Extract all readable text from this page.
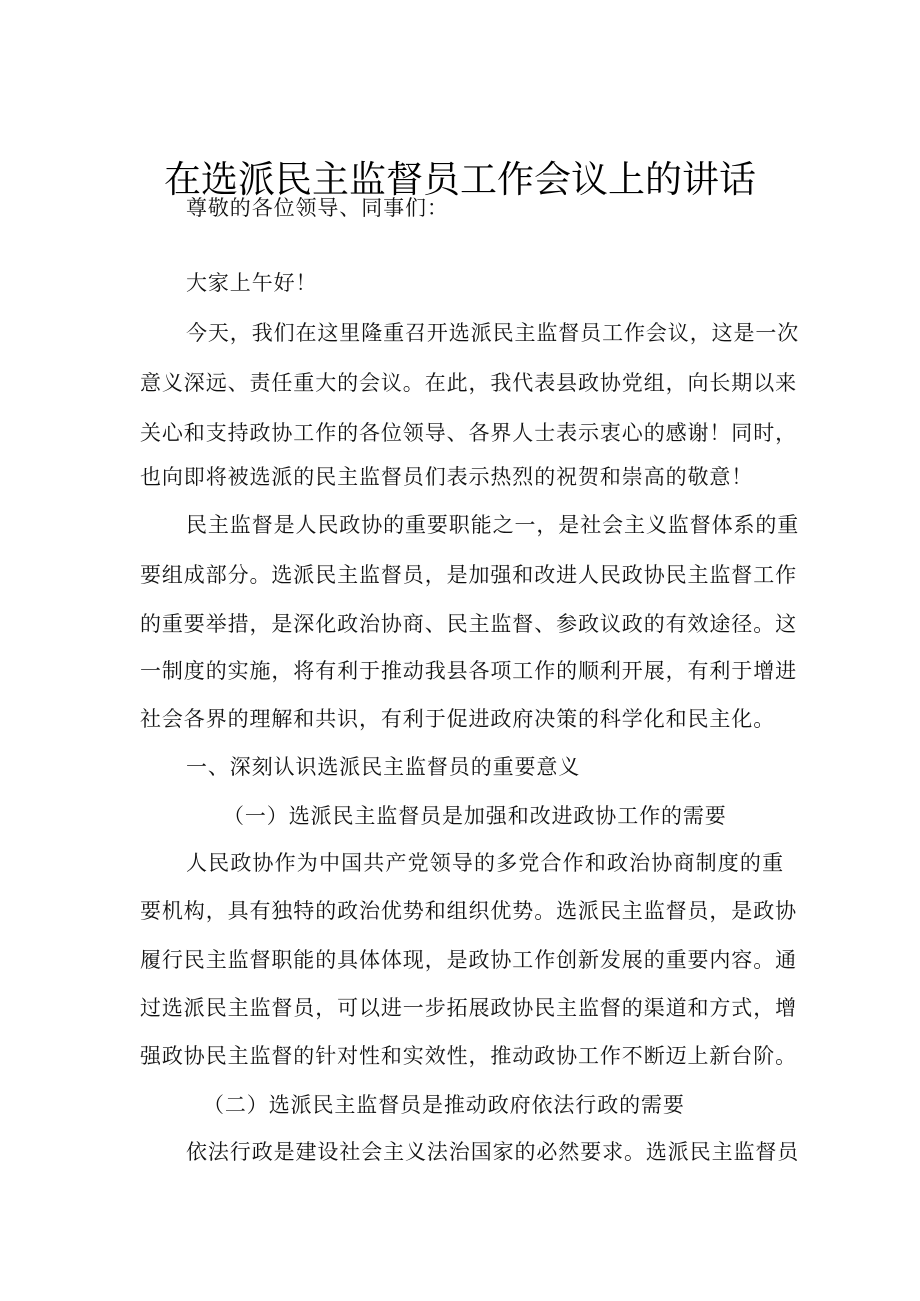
在选派民主监督员工作会议上的讲话
尊敬的各位领导、同事们：
大家上午好！
今天，我们在这里隆重召开选派民主监督员工作会议，这是一次
意义深远、责任重大的会议。在此，我代表县政协党组，向长期以来
关心和支持政协工作的各位领导、各界人士表示衷心的感谢！同时，
也向即将被选派的民主监督员们表示热烈的祝贺和崇高的敬意！
民主监督是人民政协的重要职能之一，是社会主义监督体系的重
要组成部分。选派民主监督员，是加强和改进人民政协民主监督工作
的重要举措，是深化政治协商、民主监督、参政议政的有效途径。这
一制度的实施，将有利于推动我县各项工作的顺利开展，有利于增进
社会各界的理解和共识，有利于促进政府决策的科学化和民主化。
一、深刻认识选派民主监督员的重要意义
（一）选派民主监督员是加强和改进政协工作的需要
人民政协作为中国共产党领导的多党合作和政治协商制度的重
要机构，具有独特的政治优势和组织优势。选派民主监督员，是政协
履行民主监督职能的具体体现，是政协工作创新发展的重要内容。通
过选派民主监督员，可以进一步拓展政协民主监督的渠道和方式，增
强政协民主监督的针对性和实效性，推动政协工作不断迈上新台阶。
（二）选派民主监督员是推动政府依法行政的需要
依法行政是建设社会主义法治国家的必然要求。选派民主监督员
